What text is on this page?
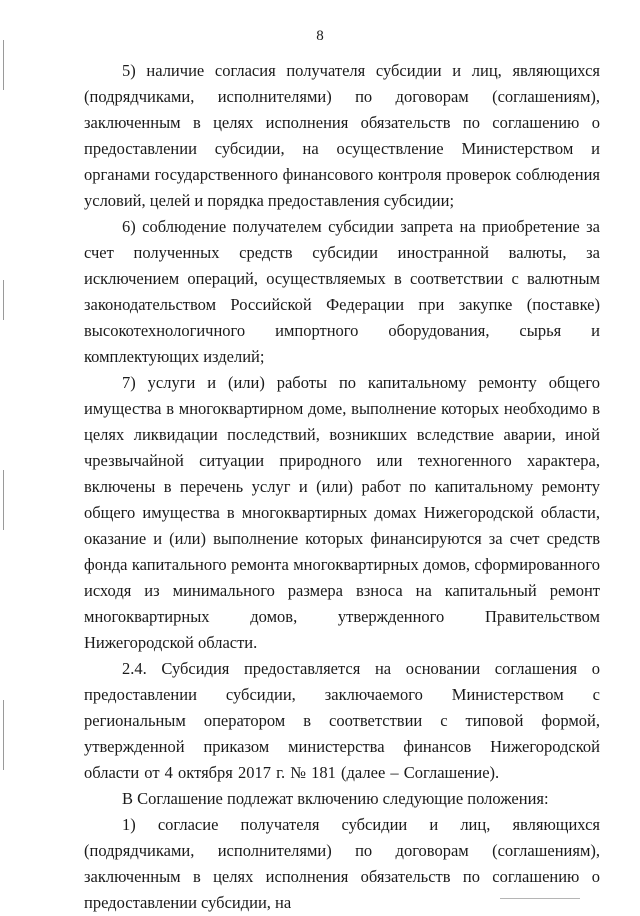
8

5) наличие согласия получателя субсидии и лиц, являющихся (подрядчиками, исполнителями) по договорам (соглашениям), заключенным в целях исполнения обязательств по соглашению о предоставлении субсидии, на осуществление Министерством и органами государственного финансового контроля проверок соблюдения условий, целей и порядка предоставления субсидии;

6) соблюдение получателем субсидии запрета на приобретение за счет полученных средств субсидии иностранной валюты, за исключением операций, осуществляемых в соответствии с валютным законодательством Российской Федерации при закупке (поставке) высокотехнологичного импортного оборудования, сырья и комплектующих изделий;

7) услуги и (или) работы по капитальному ремонту общего имущества в многоквартирном доме, выполнение которых необходимо в целях ликвидации последствий, возникших вследствие аварии, иной чрезвычайной ситуации природного или техногенного характера, включены в перечень услуг и (или) работ по капитальному ремонту общего имущества в многоквартирных домах Нижегородской области, оказание и (или) выполнение которых финансируются за счет средств фонда капитального ремонта многоквартирных домов, сформированного исходя из минимального размера взноса на капитальный ремонт многоквартирных домов, утвержденного Правительством Нижегородской области.

2.4. Субсидия предоставляется на основании соглашения о предоставлении субсидии, заключаемого Министерством с региональным оператором в соответствии с типовой формой, утвержденной приказом министерства финансов Нижегородской области от 4 октября 2017 г. № 181 (далее – Соглашение).

В Соглашение подлежат включению следующие положения:

1) согласие получателя субсидии и лиц, являющихся (подрядчиками, исполнителями) по договорам (соглашениям), заключенным в целях исполнения обязательств по соглашению о предоставлении субсидии, на
